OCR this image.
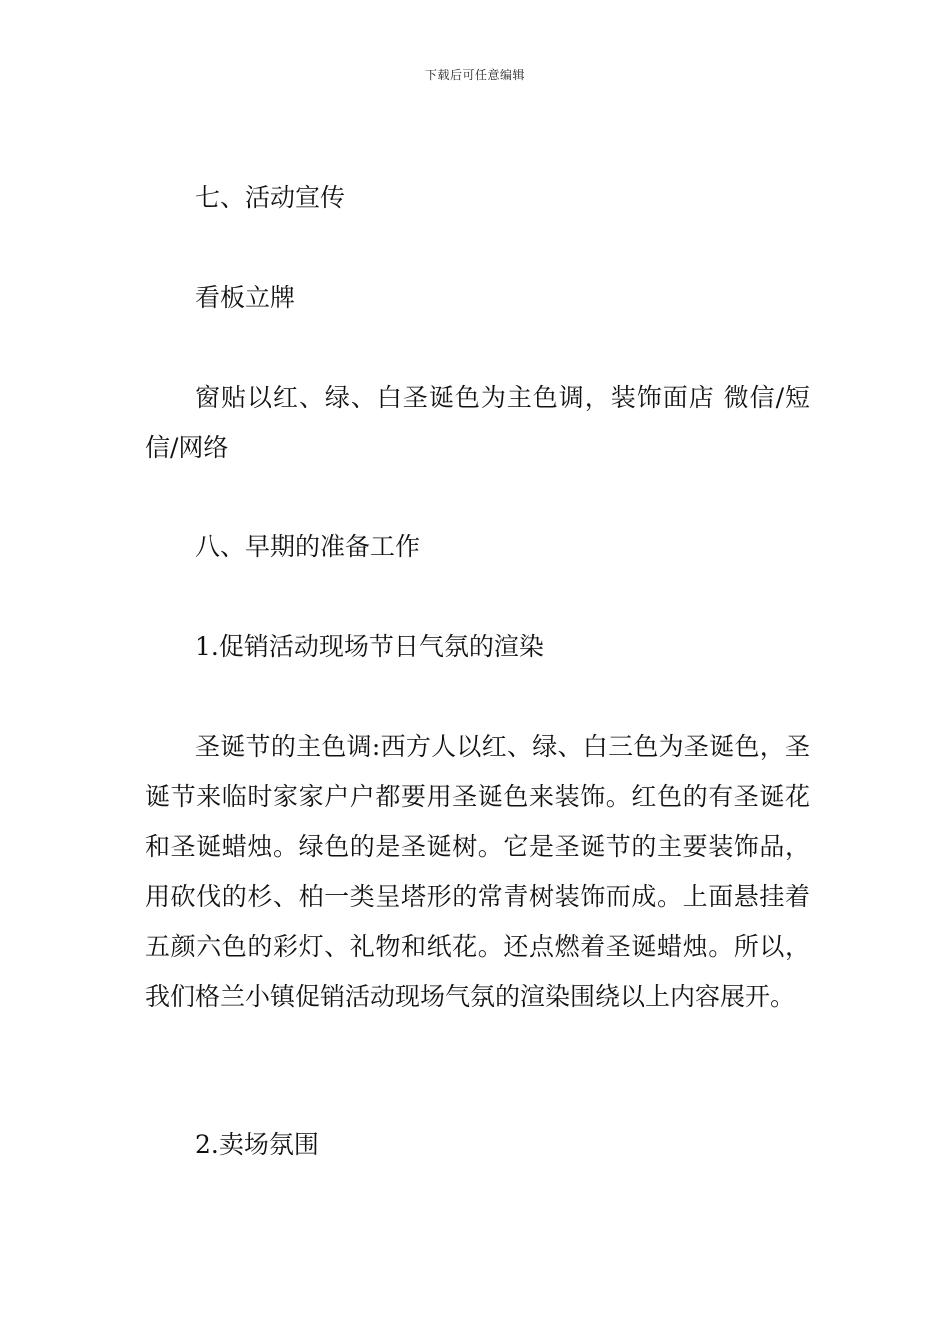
下载后可任意编辑
七、活动宣传
看板立牌
窗贴以红、绿、白圣诞色为主色调，装饰面店 微信/短信/网络
八、早期的准备工作
1.促销活动现场节日气氛的渲染
圣诞节的主色调:西方人以红、绿、白三色为圣诞色，圣诞节来临时家家户户都要用圣诞色来装饰。红色的有圣诞花和圣诞蜡烛。绿色的是圣诞树。它是圣诞节的主要装饰品，用砍伐的杉、柏一类呈塔形的常青树装饰而成。上面悬挂着五颜六色的彩灯、礼物和纸花。还点燃着圣诞蜡烛。所以，我们格兰小镇促销活动现场气氛的渲染围绕以上内容展开。
2.卖场氛围
